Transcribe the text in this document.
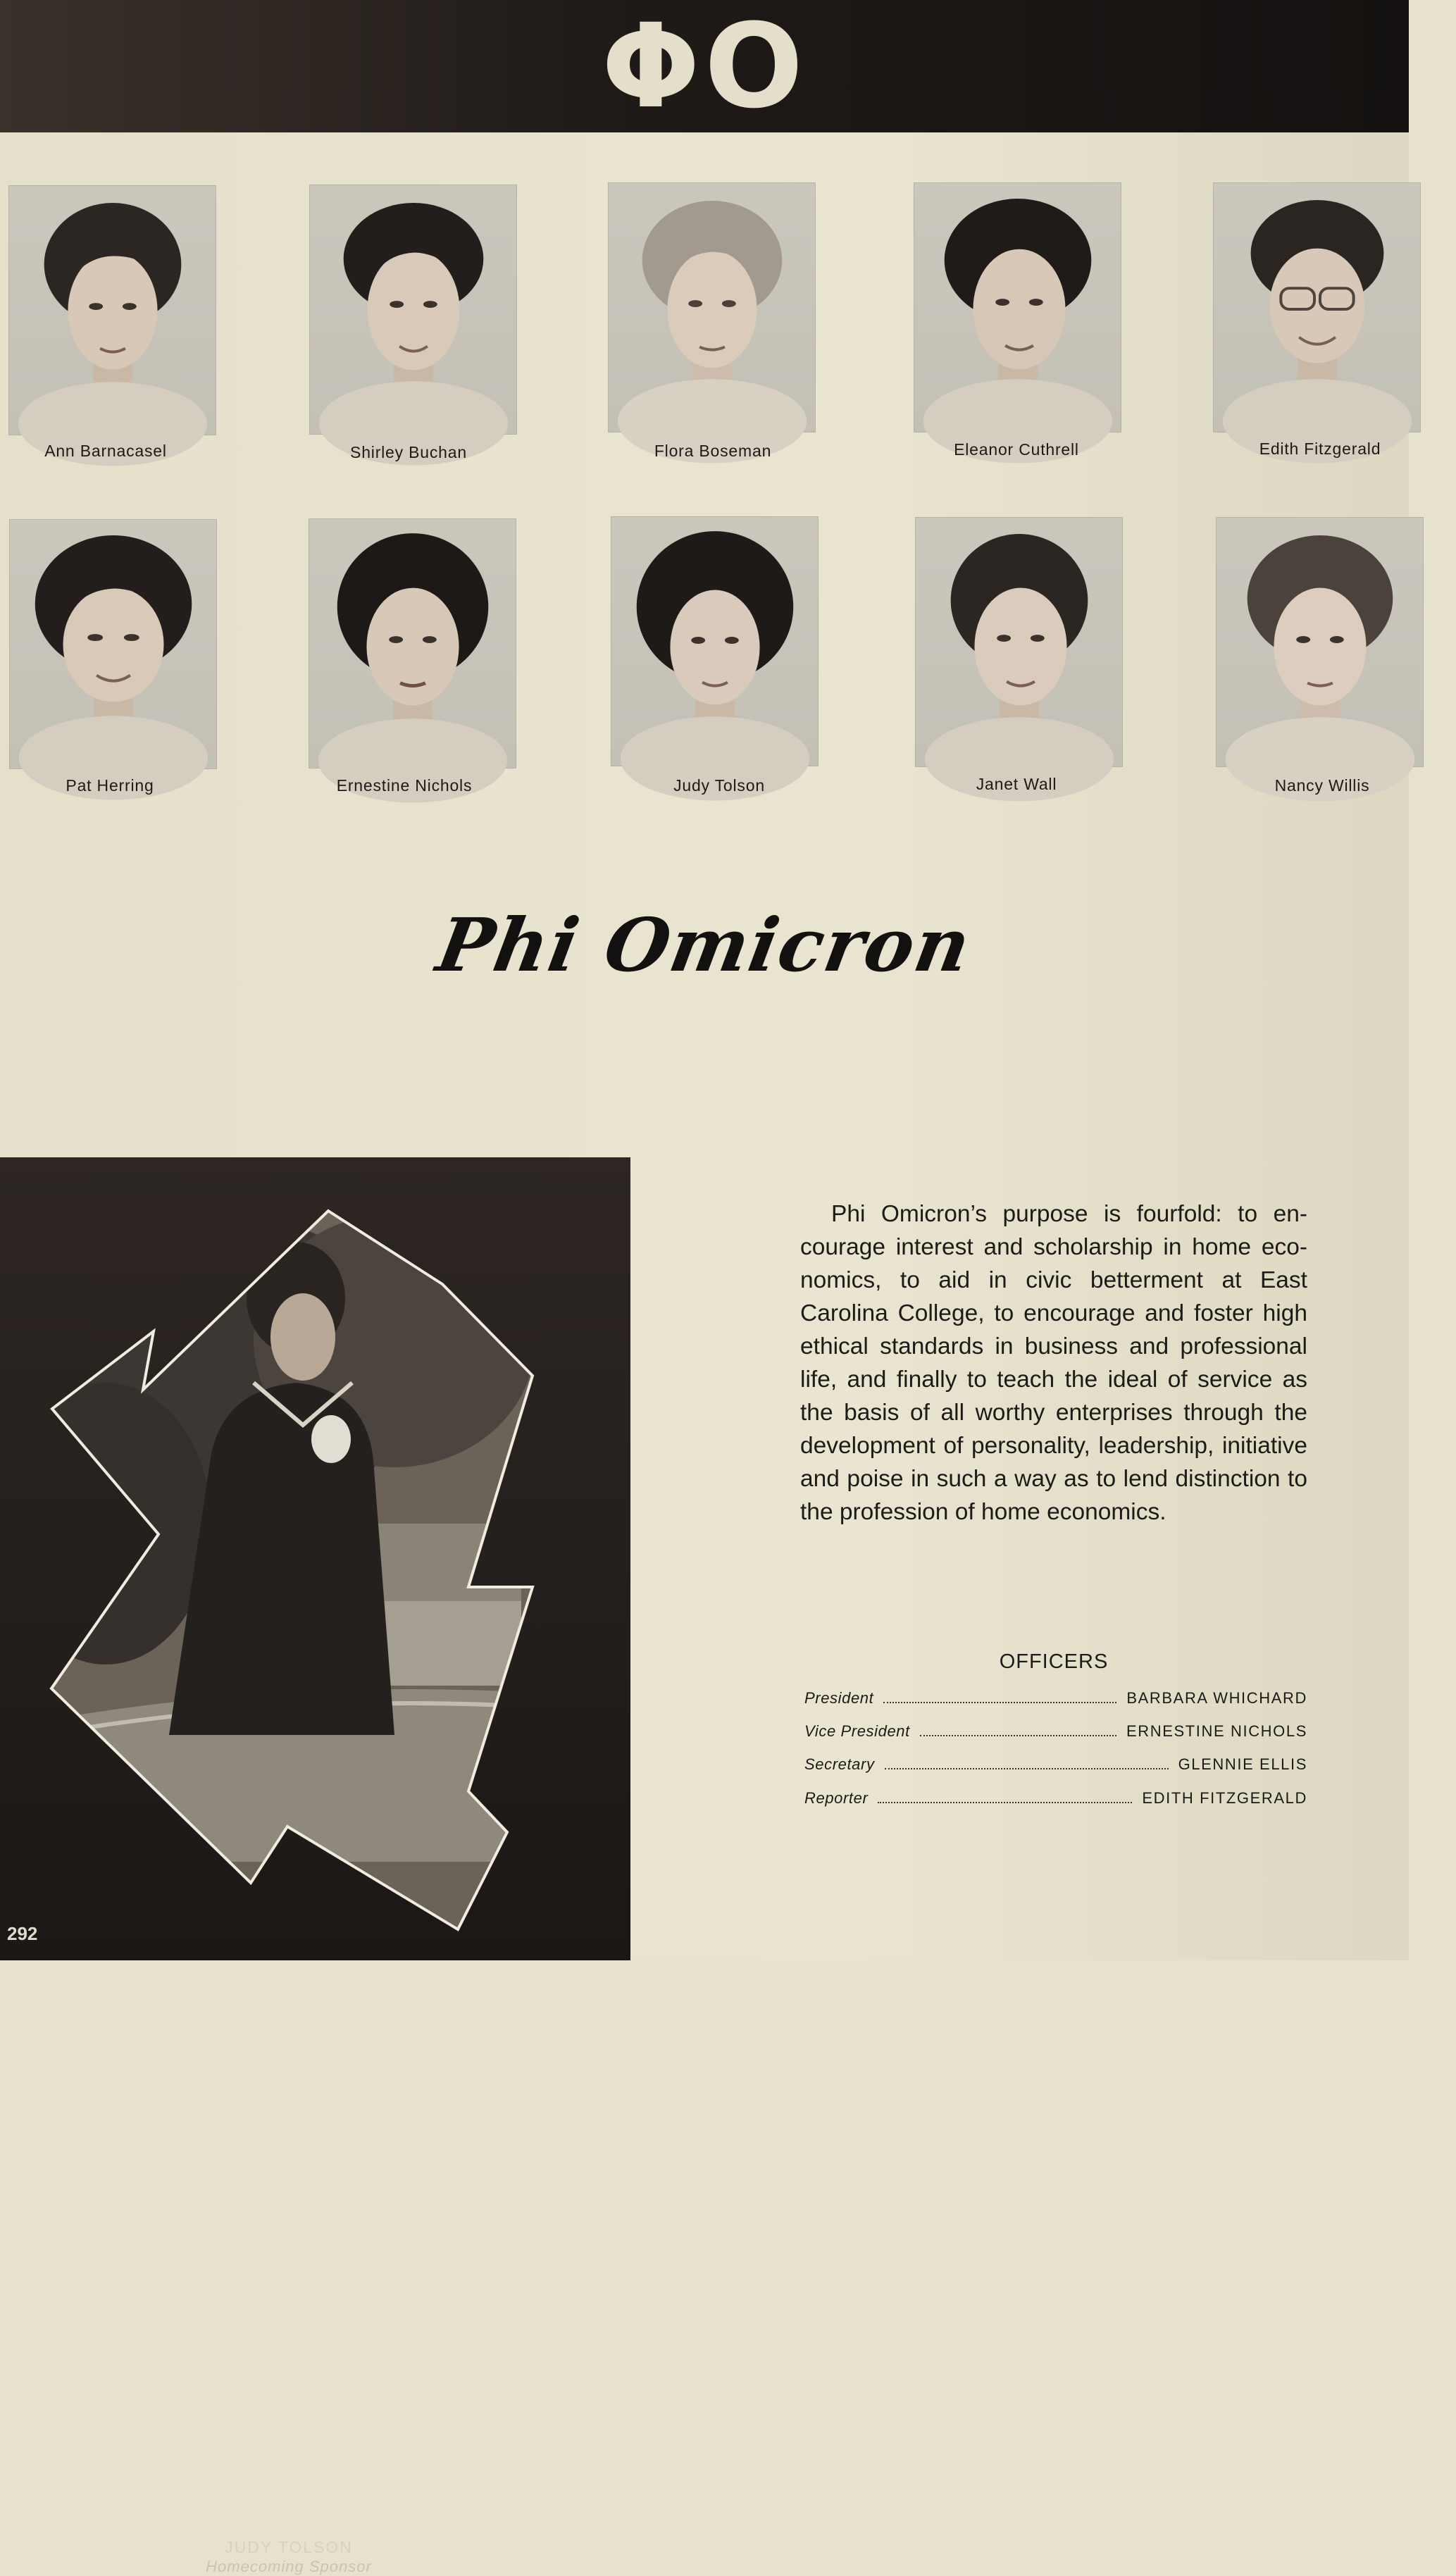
ΦO
Ann Barnacasel	Shirley Buchan	Flora Boseman	Eleanor Cuthrell	Edith Fitzgerald
Pat Herring	Ernestine Nichols	Judy Tolson	Janet Wall	Nancy Willis
Phi Omicron
JUDY TOLSON
Homecoming Sponsor
292

Phi Omicron’s purpose is fourfold: to encourage interest and scholarship in home economics, to aid in civic betterment at East Carolina College, to encourage and foster high ethical standards in business and professional life, and finally to teach the ideal of service as the basis of all worthy enterprises through the development of personality, leadership, initiative and poise in such a way as to lend distinction to the profession of home economics.

OFFICERS
President	BARBARA WHICHARD
Vice President	ERNESTINE NICHOLS
Secretary	GLENNIE ELLIS
Reporter	EDITH FITZGERALD
